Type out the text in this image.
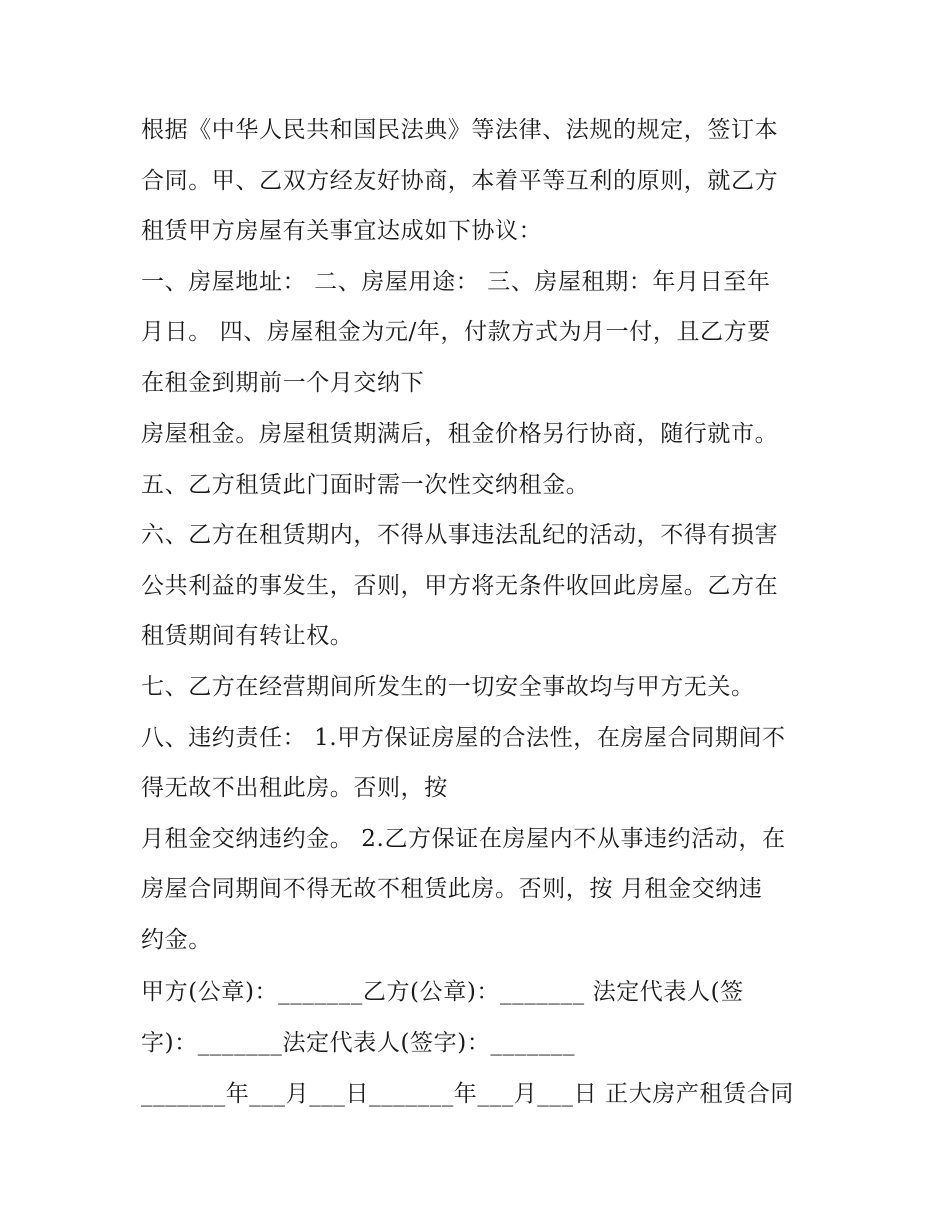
根据《中华人民共和国民法典》等法律、法规的规定，签订本
合同。甲、乙双方经友好协商，本着平等互利的原则，就乙方
租赁甲方房屋有关事宜达成如下协议：
一、房屋地址： 二、房屋用途： 三、房屋租期：年月日至年
月日。 四、房屋租金为元/年，付款方式为月一付，且乙方要
在租金到期前一个月交纳下
房屋租金。房屋租赁期满后，租金价格另行协商，随行就市。
五、乙方租赁此门面时需一次性交纳租金。
六、乙方在租赁期内，不得从事违法乱纪的活动，不得有损害
公共利益的事发生，否则，甲方将无条件收回此房屋。乙方在
租赁期间有转让权。
七、乙方在经营期间所发生的一切安全事故均与甲方无关。
八、违约责任： 1.甲方保证房屋的合法性，在房屋合同期间不
得无故不出租此房。否则，按
月租金交纳违约金。 2.乙方保证在房屋内不从事违约活动，在
房屋合同期间不得无故不租赁此房。否则，按 月租金交纳违
约金。
甲方(公章)：_______乙方(公章)：_______ 法定代表人(签
字)：_______法定代表人(签字)：_______
_______年___月___日_______年___月___日 正大房产租赁合同
